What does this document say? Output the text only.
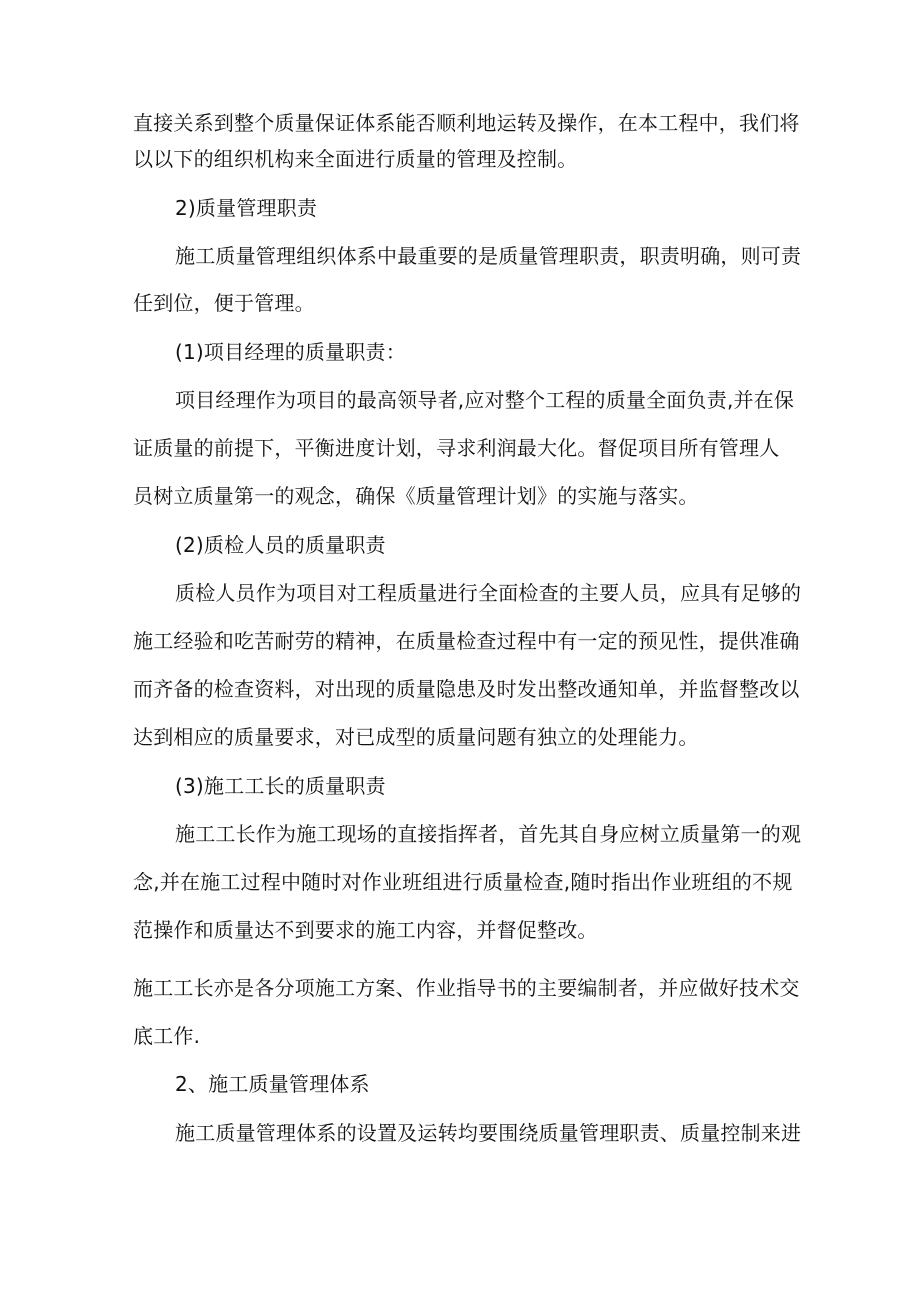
直接关系到整个质量保证体系能否顺利地运转及操作，在本工程中，我们将
以以下的组织机构来全面进行质量的管理及控制。
2)质量管理职责
施工质量管理组织体系中最重要的是质量管理职责，职责明确，则可责
任到位，便于管理。
(1)项目经理的质量职责：
项目经理作为项目的最高领导者,应对整个工程的质量全面负责,并在保
证质量的前提下，平衡进度计划，寻求利润最大化。督促项目所有管理人
员树立质量第一的观念，确保《质量管理计划》的实施与落实。
(2)质检人员的质量职责
质检人员作为项目对工程质量进行全面检查的主要人员，应具有足够的
施工经验和吃苦耐劳的精神，在质量检查过程中有一定的预见性，提供准确
而齐备的检查资料，对出现的质量隐患及时发出整改通知单，并监督整改以
达到相应的质量要求，对已成型的质量问题有独立的处理能力。
(3)施工工长的质量职责
施工工长作为施工现场的直接指挥者，首先其自身应树立质量第一的观
念,并在施工过程中随时对作业班组进行质量检查,随时指出作业班组的不规
范操作和质量达不到要求的施工内容，并督促整改。
施工工长亦是各分项施工方案、作业指导书的主要编制者，并应做好技术交
底工作.
2、施工质量管理体系
施工质量管理体系的设置及运转均要围绕质量管理职责、质量控制来进
